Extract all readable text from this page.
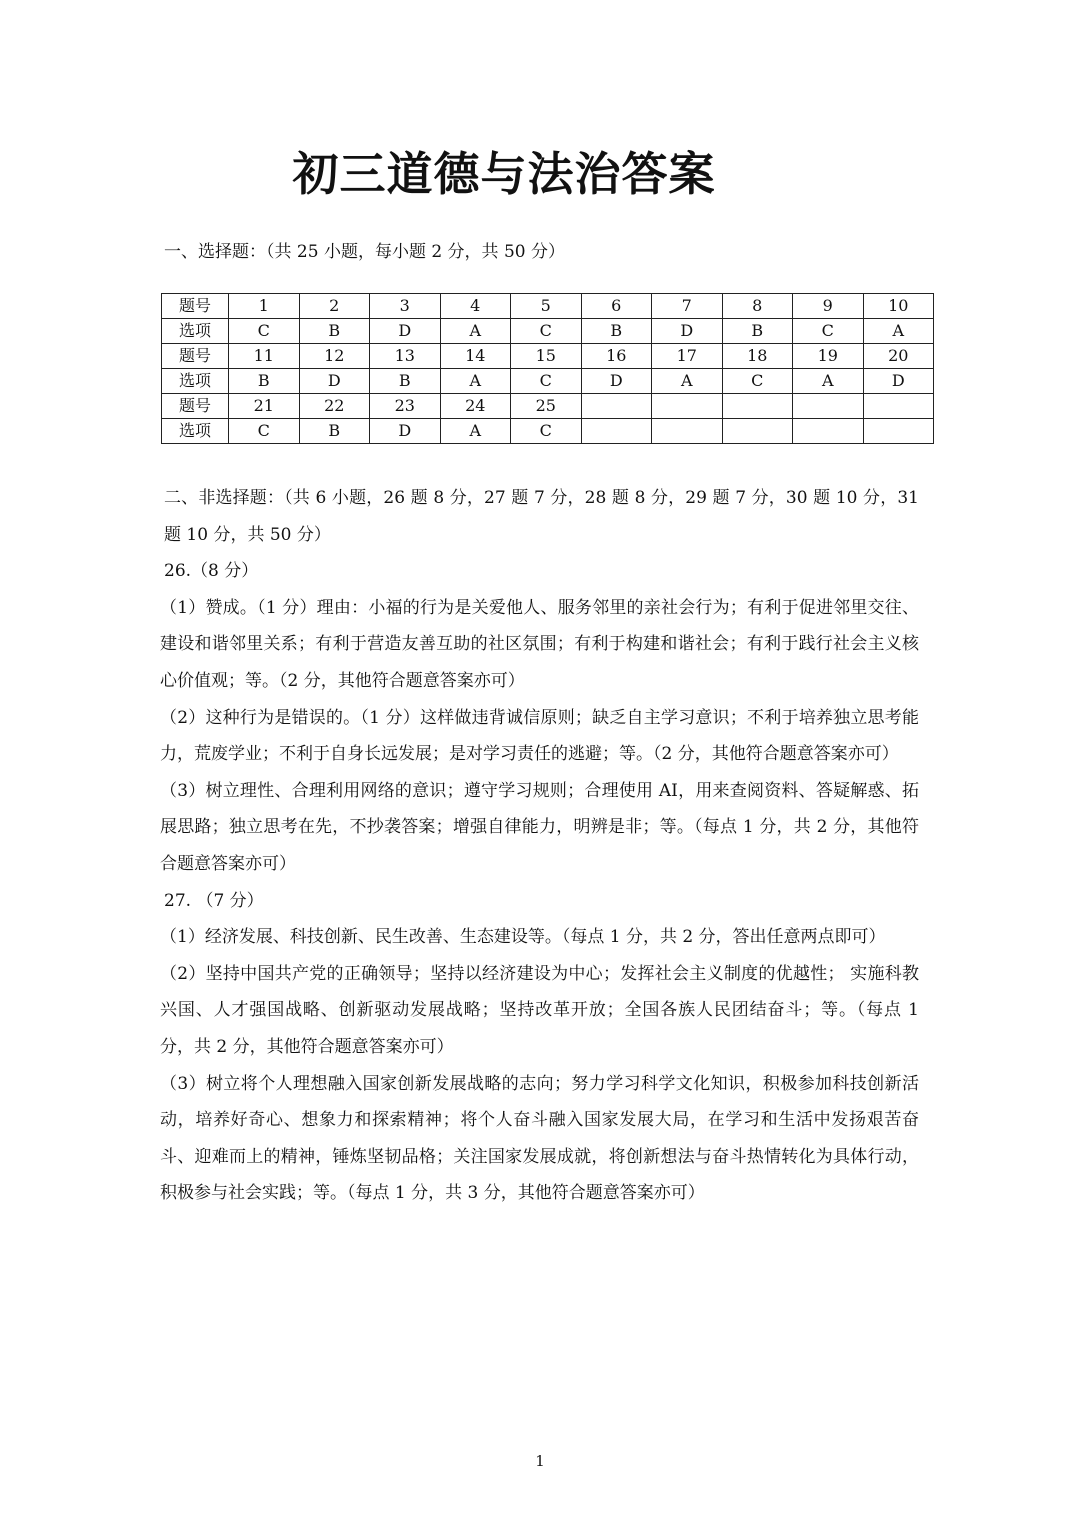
初三道德与法治答案
一、选择题：（共 25 小题，每小题 2 分，共 50 分）
题号	1	2	3	4	5	6	7	8	9	10
选项	C	B	D	A	C	B	D	B	C	A
题号	11	12	13	14	15	16	17	18	19	20
选项	B	D	B	A	C	D	A	C	A	D
题号	21	22	23	24	25					
选项	C	B	D	A	C					

二、非选择题：（共 6 小题，26 题 8 分，27 题 7 分，28 题 8 分，29 题 7 分，30 题 10 分，31 题 10 分，共 50 分）

26.（8 分）

（1）赞成。（1 分）理由：小福的行为是关爱他人、服务邻里的亲社会行为；有利于促进邻里交往、建设和谐邻里关系；有利于营造友善互助的社区氛围；有利于构建和谐社会；有利于践行社会主义核心价值观；等。（2 分，其他符合题意答案亦可）

（2）这种行为是错误的。（1 分）这样做违背诚信原则；缺乏自主学习意识；不利于培养独立思考能力，荒废学业；不利于自身长远发展；是对学习责任的逃避；等。（2 分，其他符合题意答案亦可）

（3）树立理性、合理利用网络的意识；遵守学习规则；合理使用 AI，用来查阅资料、答疑解惑、拓展思路；独立思考在先，不抄袭答案；增强自律能力，明辨是非；等。（每点 1 分，共 2 分，其他符合题意答案亦可）

27. （7 分）

（1）经济发展、科技创新、民生改善、生态建设等。（每点 1 分，共 2 分，答出任意两点即可）

（2）坚持中国共产党的正确领导；坚持以经济建设为中心；发挥社会主义制度的优越性； 实施科教兴国、人才强国战略、创新驱动发展战略；坚持改革开放；全国各族人民团结奋斗；等。（每点 1 分，共 2 分，其他符合题意答案亦可）

（3）树立将个人理想融入国家创新发展战略的志向；努力学习科学文化知识，积极参加科技创新活动，培养好奇心、想象力和探索精神；将个人奋斗融入国家发展大局，在学习和生活中发扬艰苦奋斗、迎难而上的精神，锤炼坚韧品格；关注国家发展成就，将创新想法与奋斗热情转化为具体行动，积极参与社会实践；等。（每点 1 分，共 3 分，其他符合题意答案亦可）

1
